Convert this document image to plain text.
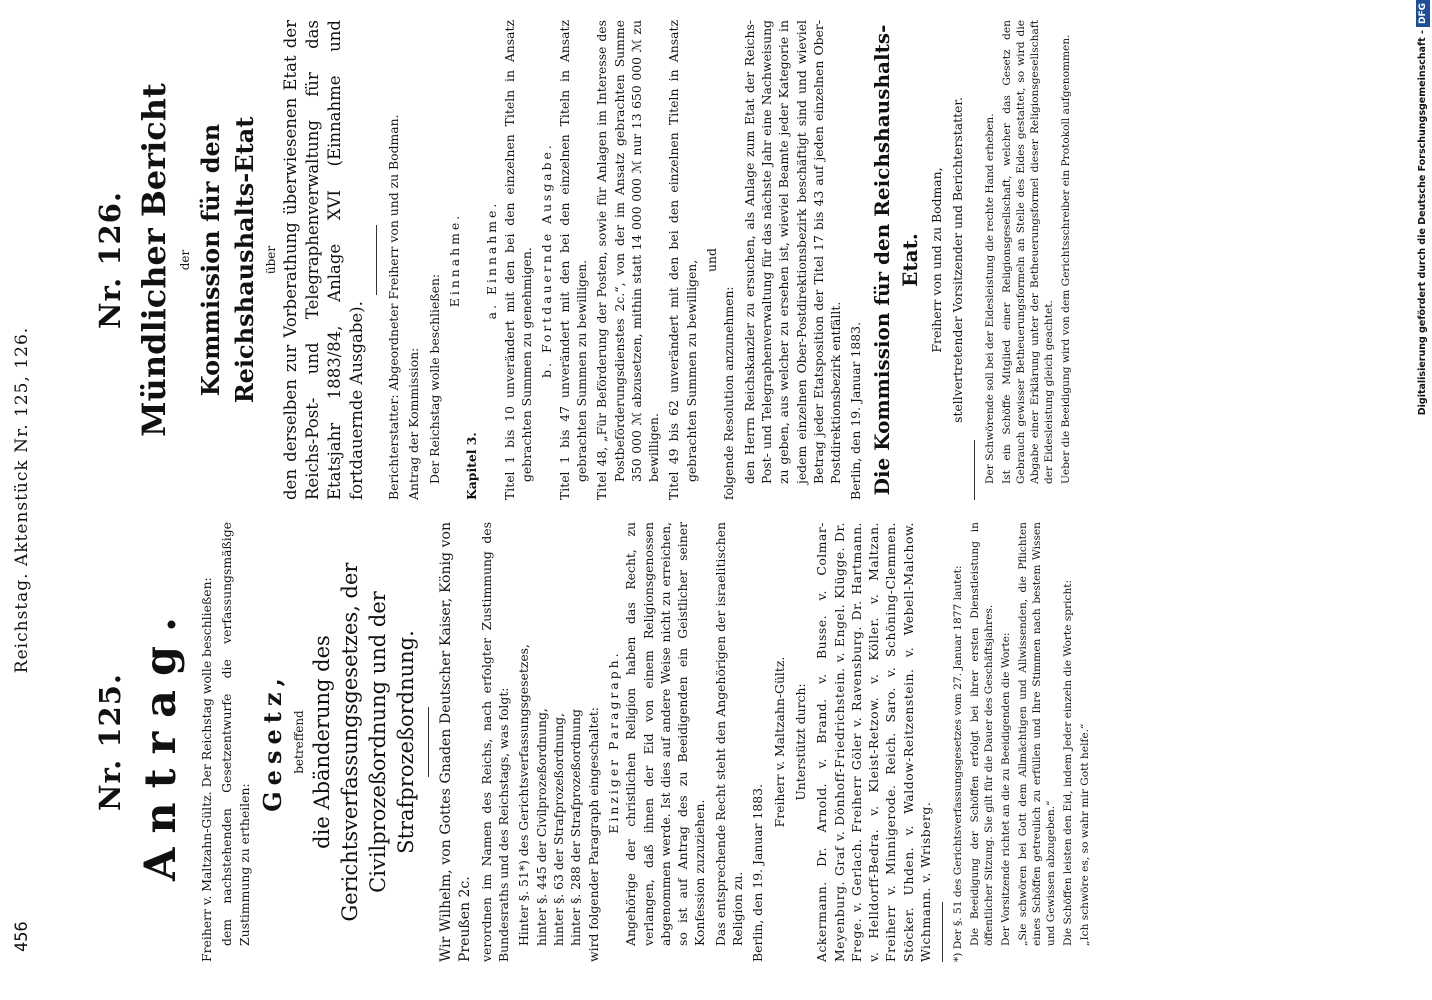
456
Reichstag. Aktenstück Nr. 125, 126.
Nr. 125. Antrag.	Freiherr v. Maltzahn-Gültz. Der Reichstag wolle beschließen: dem nachstehenden Gesetzentwurfe die verfassungsmäßige Zustimmung zu ertheilen:

Gesetz, betreffend die Abänderung des Gerichtsverfassungsgesetzes, der Civilprozeßordnung und der Strafprozeßordnung. Wir Wilhelm, von Gottes Gnaden Deutscher Kaiser, König von Preußen 2c. verordnen im Namen des Reichs, nach erfolgter Zustimmung des Bundesraths und des Reichstags, was folgt: Hinter §. 51*) des Gerichtsverfassungsgesetzes, hinter §. 445 der Civilprozeßordnung, hinter §. 63 der Strafprozeßordnung, hinter §. 288 der Strafprozeßordnung wird folgender Paragraph eingeschaltet: Einziger Paragraph. Angehörige der christlichen Religion haben das Recht, zu verlangen, daß ihnen der Eid von einem Religionsgenossen abgenommen werde. Ist dies auf andere Weise nicht zu erreichen, so ist auf Antrag des zu Beeidigenden ein Geistlicher seiner Konfession zuzuziehen. Das entsprechende Recht steht den Angehörigen der israelitischen Religion zu. Berlin, den 19. Januar 1883.

Freiherr v. Maltzahn-Gültz. Unterstützt durch: Ackermann. Dr. Arnold. v. Brand. v. Busse. v. Colmar-Meyenburg. Graf v. Dönhoff-Friedrichstein. v. Engel. Klügge. Dr. Frege. v. Gerlach. Freiherr Göler v. Ravensburg. Dr. Hartmann. v. Helldorff-Bedra. v. Kleist-Retzow. v. Köller. v. Maltzan. Freiherr v. Minnigerode. Reich. Saro. v. Schöning-Clemmen. Stöcker. Uhden. v. Waldow-Reitzenstein. v. Webell-Malchow. Wichmann. v. Wrisberg. *) Der §. 51 des Gerichtsverfassungsgesetzes vom 27. Januar 1877 lautet: Die Beeidigung der Schöffen erfolgt bei ihrer ersten Dienstleistung in öffentlicher Sitzung. Sie gilt für die Dauer des Geschäftsjahres. Der Vorsitzende richtet an die zu Beeidigenden die Worte: „Sie schwören bei Gott dem Allmächtigen und Allwissenden, die Pflichten eines Schöffen getreulich zu erfüllen und Ihre Stimmen nach bestem Wissen und Gewissen abzugeben.“ Die Schöffen leisten den Eid, indem Jeder einzeln die Worte spricht: „Ich schwöre es, so wahr mir Gott helfe.“

Nr. 126. Mündlicher Bericht der Kommission für den Reichshaushalts-Etat über den derselben zur Vorberathung überwiesenen Etat der Reichs-Post- und Telegraphenverwaltung für das Etatsjahr 1883/84, Anlage XVI (Einnahme und fortdauernde Ausgabe). Berichterstatter: Abgeordneter Freiherr von und zu Bodman. Antrag der Kommission: Der Reichstag wolle beschließen:

Einnahme.

Kapitel 3.

a. Einnahme. Titel 1 bis 10 unverändert mit den bei den einzelnen Titeln in Ansatz gebrachten Summen zu genehmigen. b. Fortdauernde Ausgabe. Titel 1 bis 47 unverändert mit den bei den einzelnen Titeln in Ansatz gebrachten Summen zu bewilligen. Titel 48, „Für Beförderung der Posten, sowie für Anlagen im Interesse des Postbeförderungsdienstes 2c.“, von der im Ansatz gebrachten Summe 350 000 ℳ abzusetzen, mithin statt 14 000 000 ℳ nur 13 650 000 ℳ zu bewilligen. Titel 49 bis 62 unverändert mit den bei den einzelnen Titeln in Ansatz gebrachten Summen zu bewilligen, und

folgende Resolution anzunehmen: den Herrn Reichskanzler zu ersuchen, als Anlage zum Etat der Reichs-Post- und Telegraphenverwaltung für das nächste Jahr eine Nachweisung zu geben, aus welcher zu ersehen ist, wieviel Beamte jeder Kategorie in jedem einzelnen Ober-Postdirektionsbezirk beschäftigt sind und wieviel Betrag jeder Etatsposition der Titel 17 bis 43 auf jeden einzelnen Ober-Postdirektionsbezirk entfällt. Berlin, den 19. Januar 1883. Die Kommission für den Reichshaushalts-Etat. Freiherr von und zu Bodman, stellvertretender Vorsitzender und Berichterstatter. Der Schwörende soll bei der Eidesleistung die rechte Hand erheben. Ist ein Schöffe Mitglied einer Religionsgesellschaft, welcher das Gesetz den Gebrauch gewisser Betheuerungsformeln an Stelle des Eides gestattet, so wird die Abgabe einer Erklärung unter der Betheuerungsformel dieser Religionsgesellschaft der Eidesleistung gleich geachtet. Ueber die Beeidigung wird von dem Gerichtsschreiber ein Protokoll aufgenommen.	Digitalisierung gefördert durch die Deutsche Forschungsgemeinschaft -DFG
